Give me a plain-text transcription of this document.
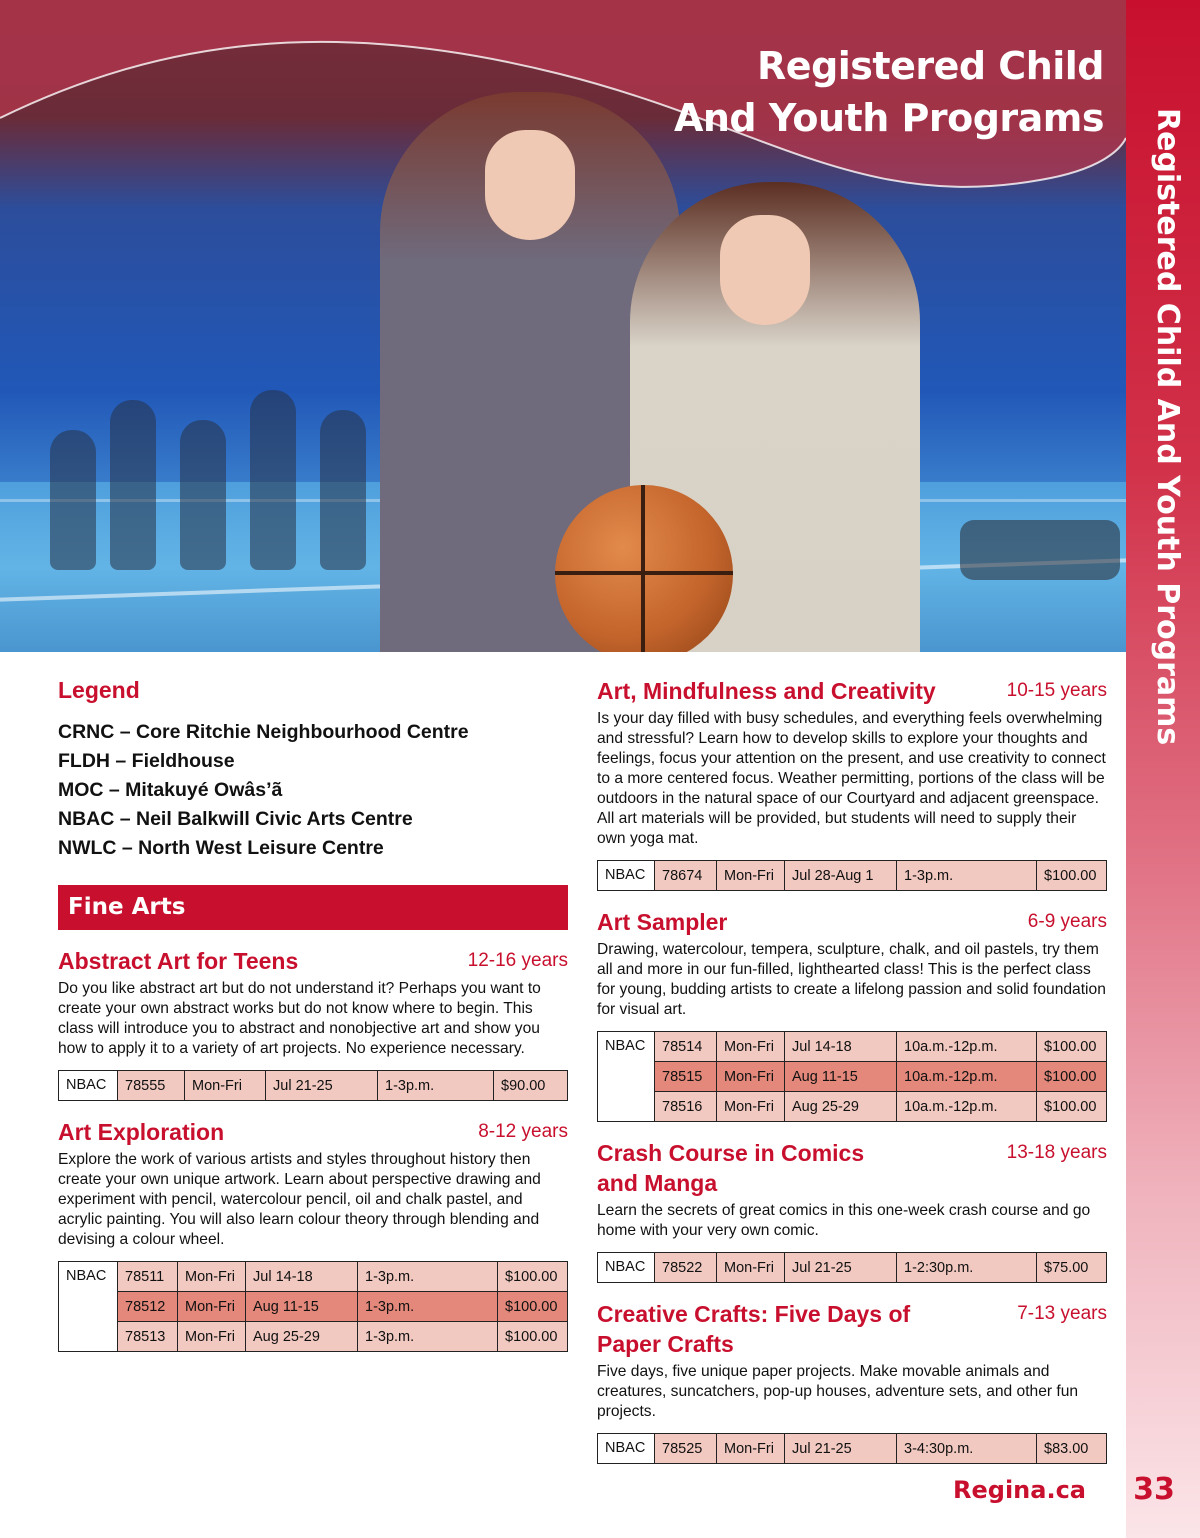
Registered Child
And Youth Programs	Registered Child And Youth Programs
Legend
CRNC – Core Ritchie Neighbourhood Centre
FLDH – Fieldhouse
MOC – Mitakuyé Owâs’ã
NBAC – Neil Balkwill Civic Arts Centre
NWLC – North West Leisure Centre
Fine Arts
Abstract Art for Teens	12-16 years
Do you like abstract art but do not understand it? Perhaps you want to create your own abstract works but do not know where to begin. This class will introduce you to abstract and nonobjective art and show you how to apply it to a variety of art projects. No experience necessary.
NBAC	78555	Mon-Fri	Jul 21-25	1-3p.m.	$90.00
Art Exploration	8-12 years
Explore the work of various artists and styles throughout history then create your own unique artwork. Learn about perspective drawing and experiment with pencil, watercolour pencil, oil and chalk pastel, and acrylic painting. You will also learn colour theory through blending and devising a colour wheel.
NBAC	78511	Mon-Fri	Jul 14-18	1-3p.m.	$100.00
	78512	Mon-Fri	Aug 11-15	1-3p.m.	$100.00
	78513	Mon-Fri	Aug 25-29	1-3p.m.	$100.00
Art, Mindfulness and Creativity	10-15 years
Is your day filled with busy schedules, and everything feels overwhelming and stressful? Learn how to develop skills to explore your thoughts and feelings, focus your attention on the present, and use creativity to connect to a more centered focus. Weather permitting, portions of the class will be outdoors in the natural space of our Courtyard and adjacent greenspace. All art materials will be provided, but students will need to supply their own yoga mat.
NBAC	78674	Mon-Fri	Jul 28-Aug 1	1-3p.m.	$100.00
Art Sampler	6-9 years
Drawing, watercolour, tempera, sculpture, chalk, and oil pastels, try them all and more in our fun-filled, lighthearted class! This is the perfect class for young, budding artists to create a lifelong passion and solid foundation for visual art.
NBAC	78514	Mon-Fri	Jul 14-18	10a.m.-12p.m.	$100.00
	78515	Mon-Fri	Aug 11-15	10a.m.-12p.m.	$100.00
	78516	Mon-Fri	Aug 25-29	10a.m.-12p.m.	$100.00
Crash Course in Comics and Manga
13-18 years
Learn the secrets of great comics in this one-week crash course and go home with your very own comic.
NBAC	78522	Mon-Fri	Jul 21-25	1-2:30p.m.	$75.00
Creative Crafts: Five Days of Paper Crafts
7-13 years
Five days, five unique paper projects. Make movable animals and creatures, suncatchers, pop-up houses, adventure sets, and other fun projects.
NBAC	78525	Mon-Fri	Jul 21-25	3-4:30p.m.	$83.00
Regina.ca 33
